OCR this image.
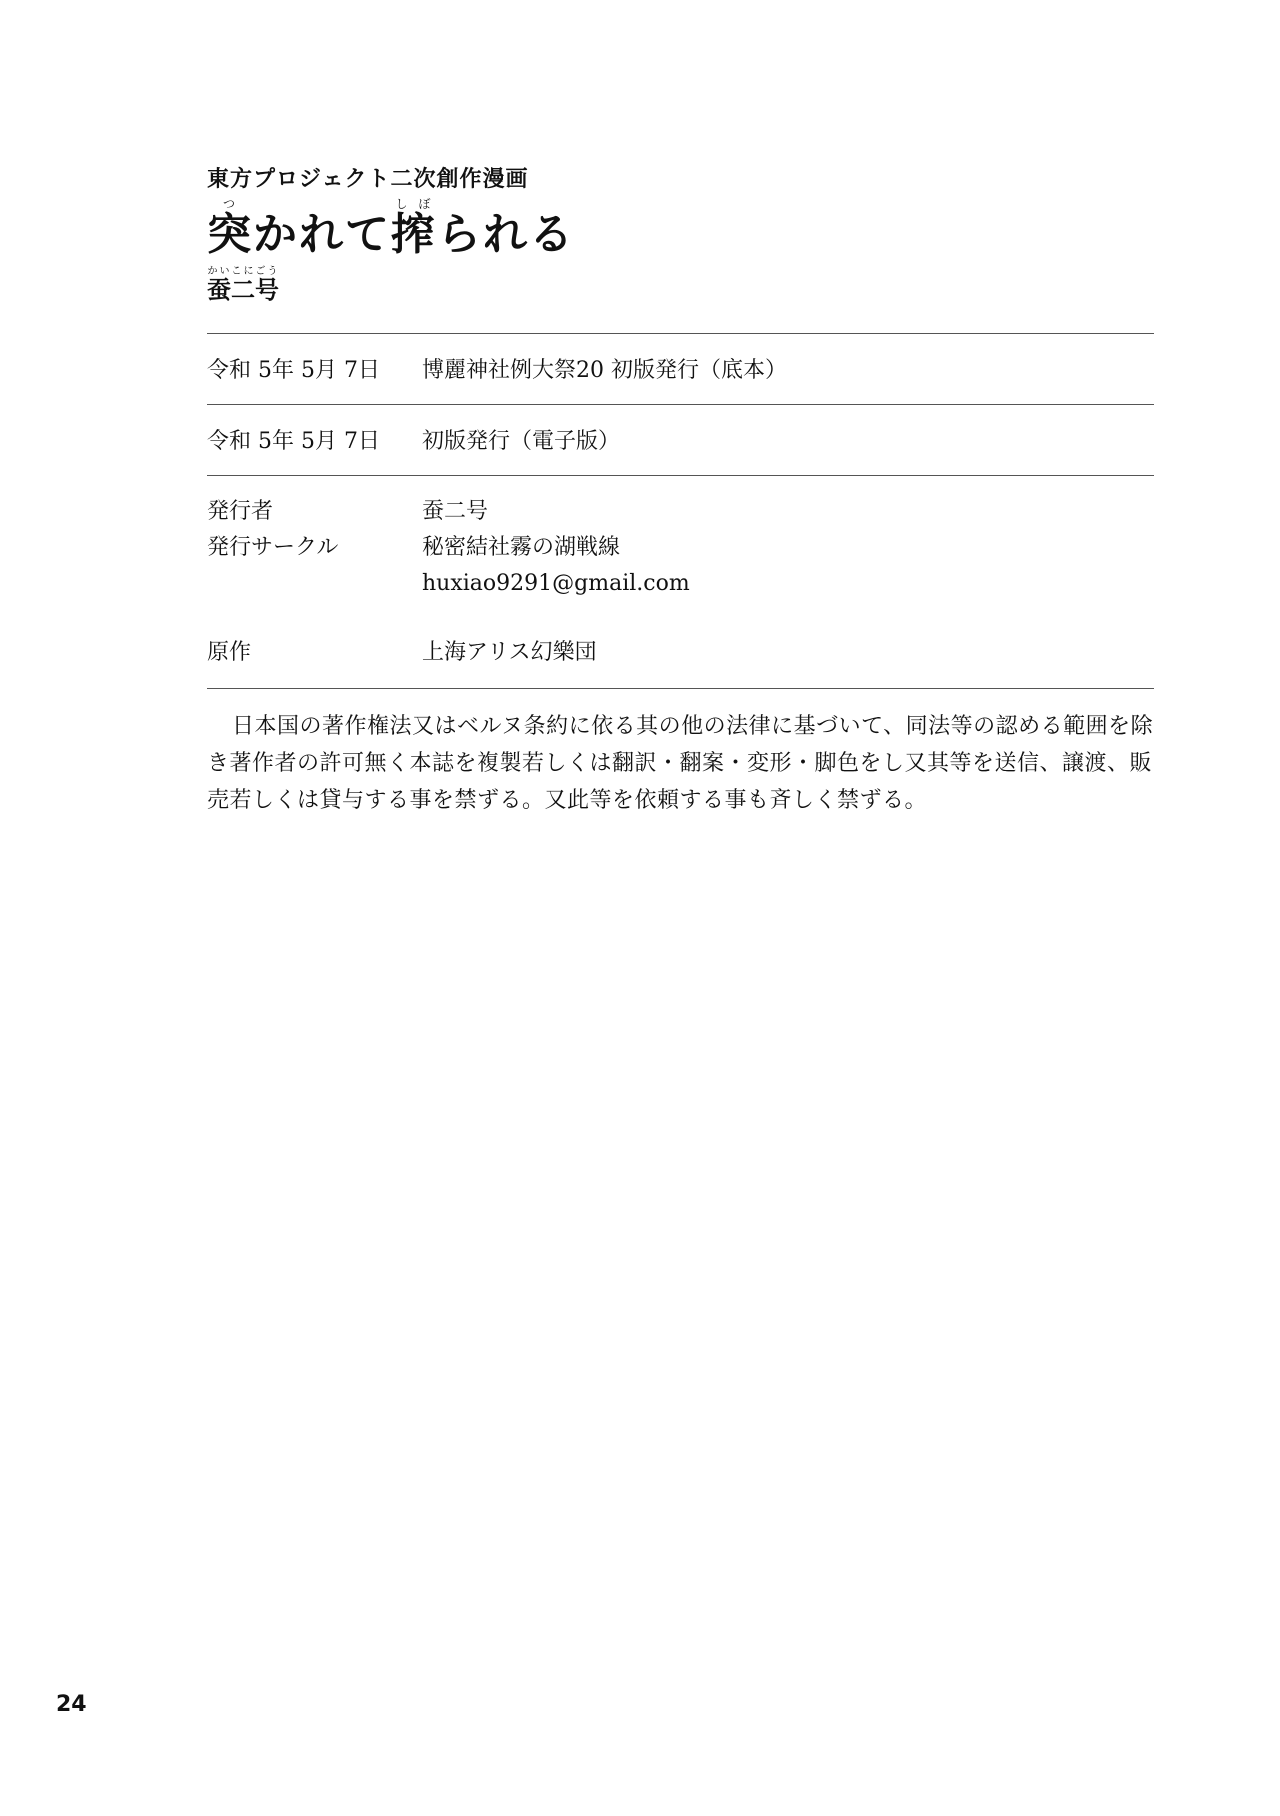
東方プロジェクト二次創作漫画
突つかれて搾しぼられる
蚕二号かいこにごう
令和 5年 5月 7日 博麗神社例大祭20 初版発行（底本）
令和 5年 5月 7日 初版発行（電子版）
発行者	蚕二号
発行サークル	秘密結社霧の湖戦線
huxiao9291@gmail.com
原作	上海アリス幻樂団
日本国の著作権法又はベルヌ条約に依る其の他の法律に基づいて、同法等の認める範囲を除き著作者の許可無く本誌を複製若しくは翻訳・翻案・変形・脚色をし又其等を送信、譲渡、販売若しくは貸与する事を禁ずる。又此等を依頼する事も斉しく禁ずる。
24
